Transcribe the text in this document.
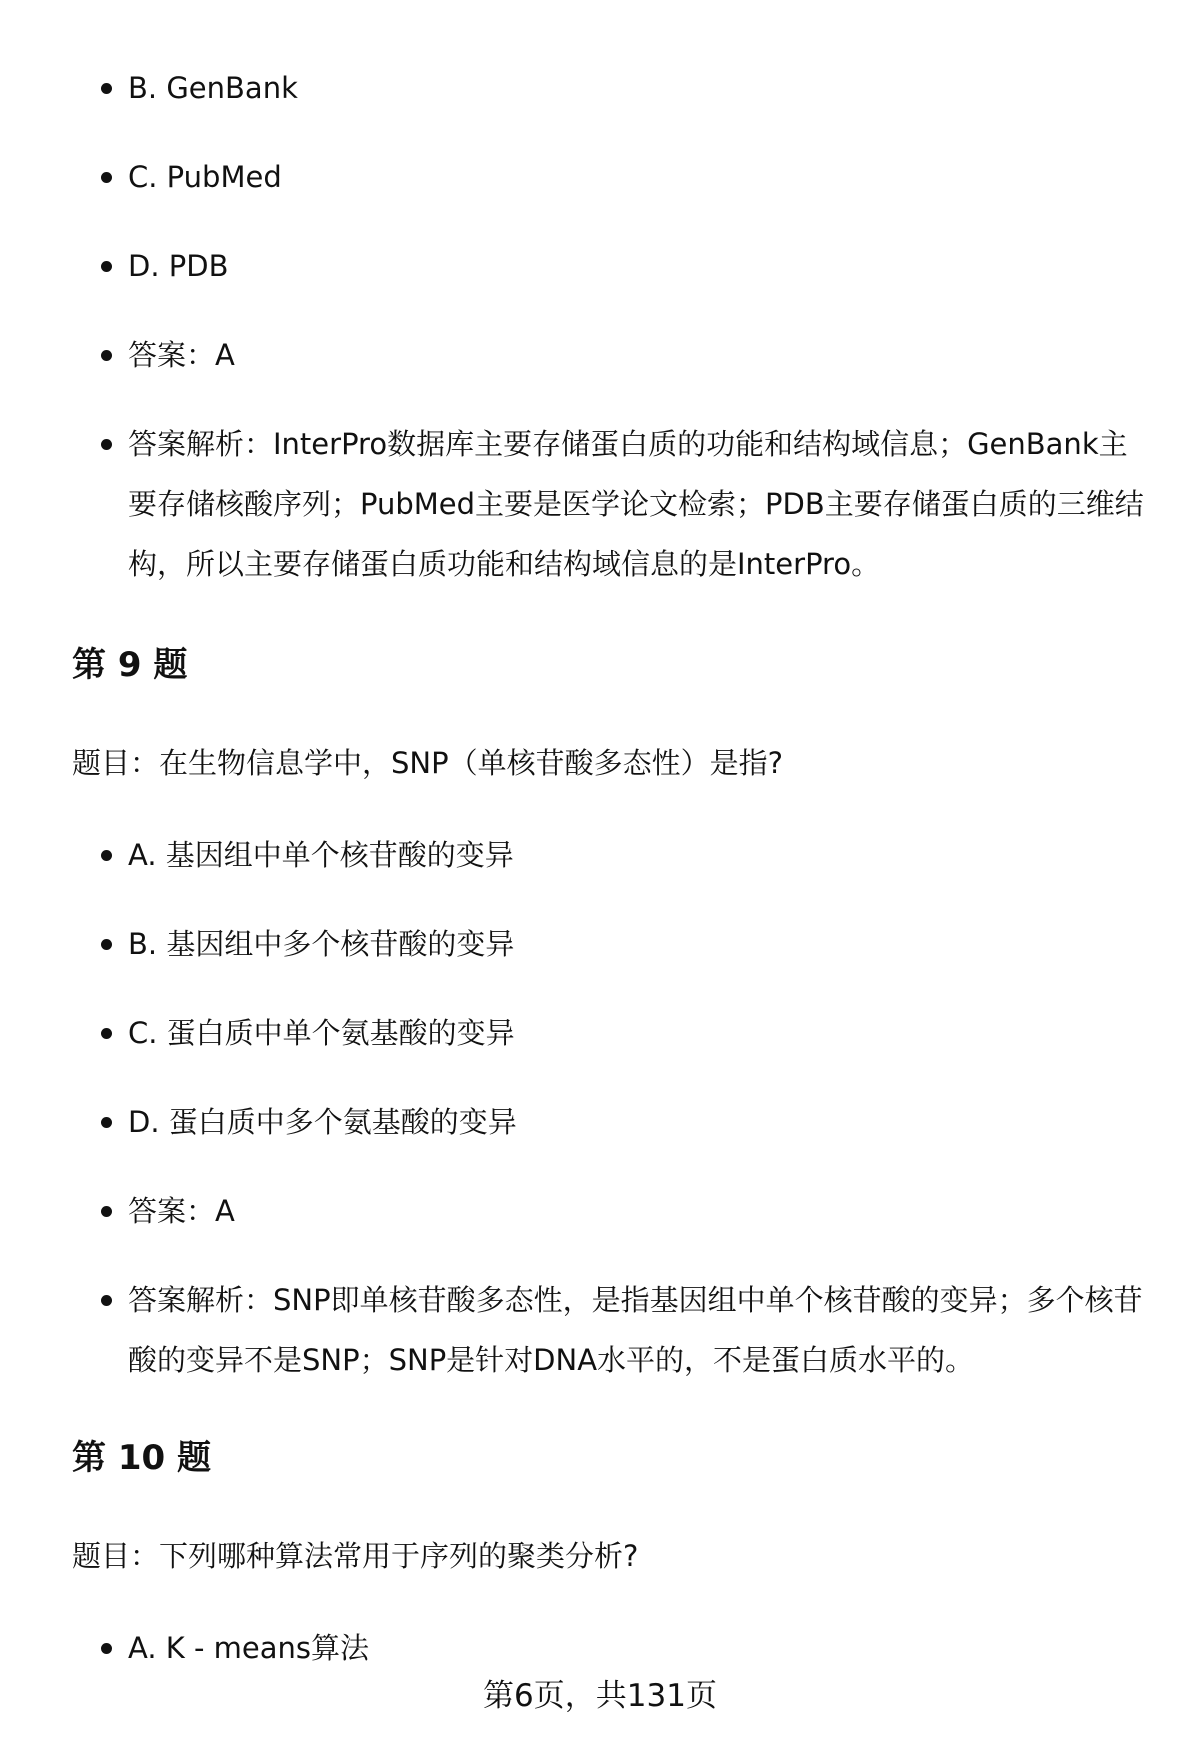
B. GenBank
C. PubMed
D. PDB
答案：A
答案解析：InterPro数据库主要存储蛋白质的功能和结构域信息；GenBank主要存储核酸序列；PubMed主要是医学论文检索；PDB主要存储蛋白质的三维结构，所以主要存储蛋白质功能和结构域信息的是InterPro。
第 9 题

题目：在生物信息学中，SNP（单核苷酸多态性）是指?

A. 基因组中单个核苷酸的变异
B. 基因组中多个核苷酸的变异
C. 蛋白质中单个氨基酸的变异
D. 蛋白质中多个氨基酸的变异
答案：A
答案解析：SNP即单核苷酸多态性，是指基因组中单个核苷酸的变异；多个核苷酸的变异不是SNP；SNP是针对DNA水平的，不是蛋白质水平的。
第 10 题

题目：下列哪种算法常用于序列的聚类分析?

A. K - means算法
第6页，共131页
